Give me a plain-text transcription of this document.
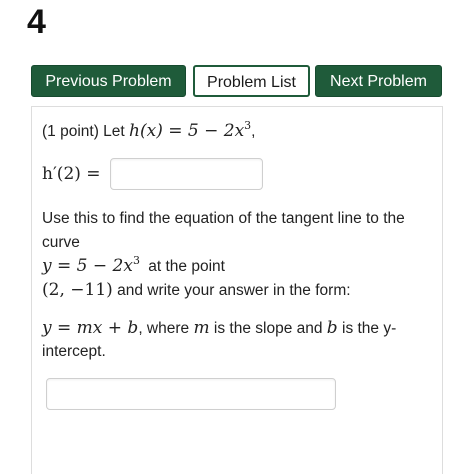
4
Previous Problem	Problem List	Next Problem
(1 point) Let $h(x) = 5 - 2x^3$,
h′(2) =
Use this to find the equation of the tangent line to the
curve
$y = 5 - 2x^3$ at the point
(2, −11) and write your answer in the form:
y = mx + b, where m is the slope and b is the y-
intercept.
